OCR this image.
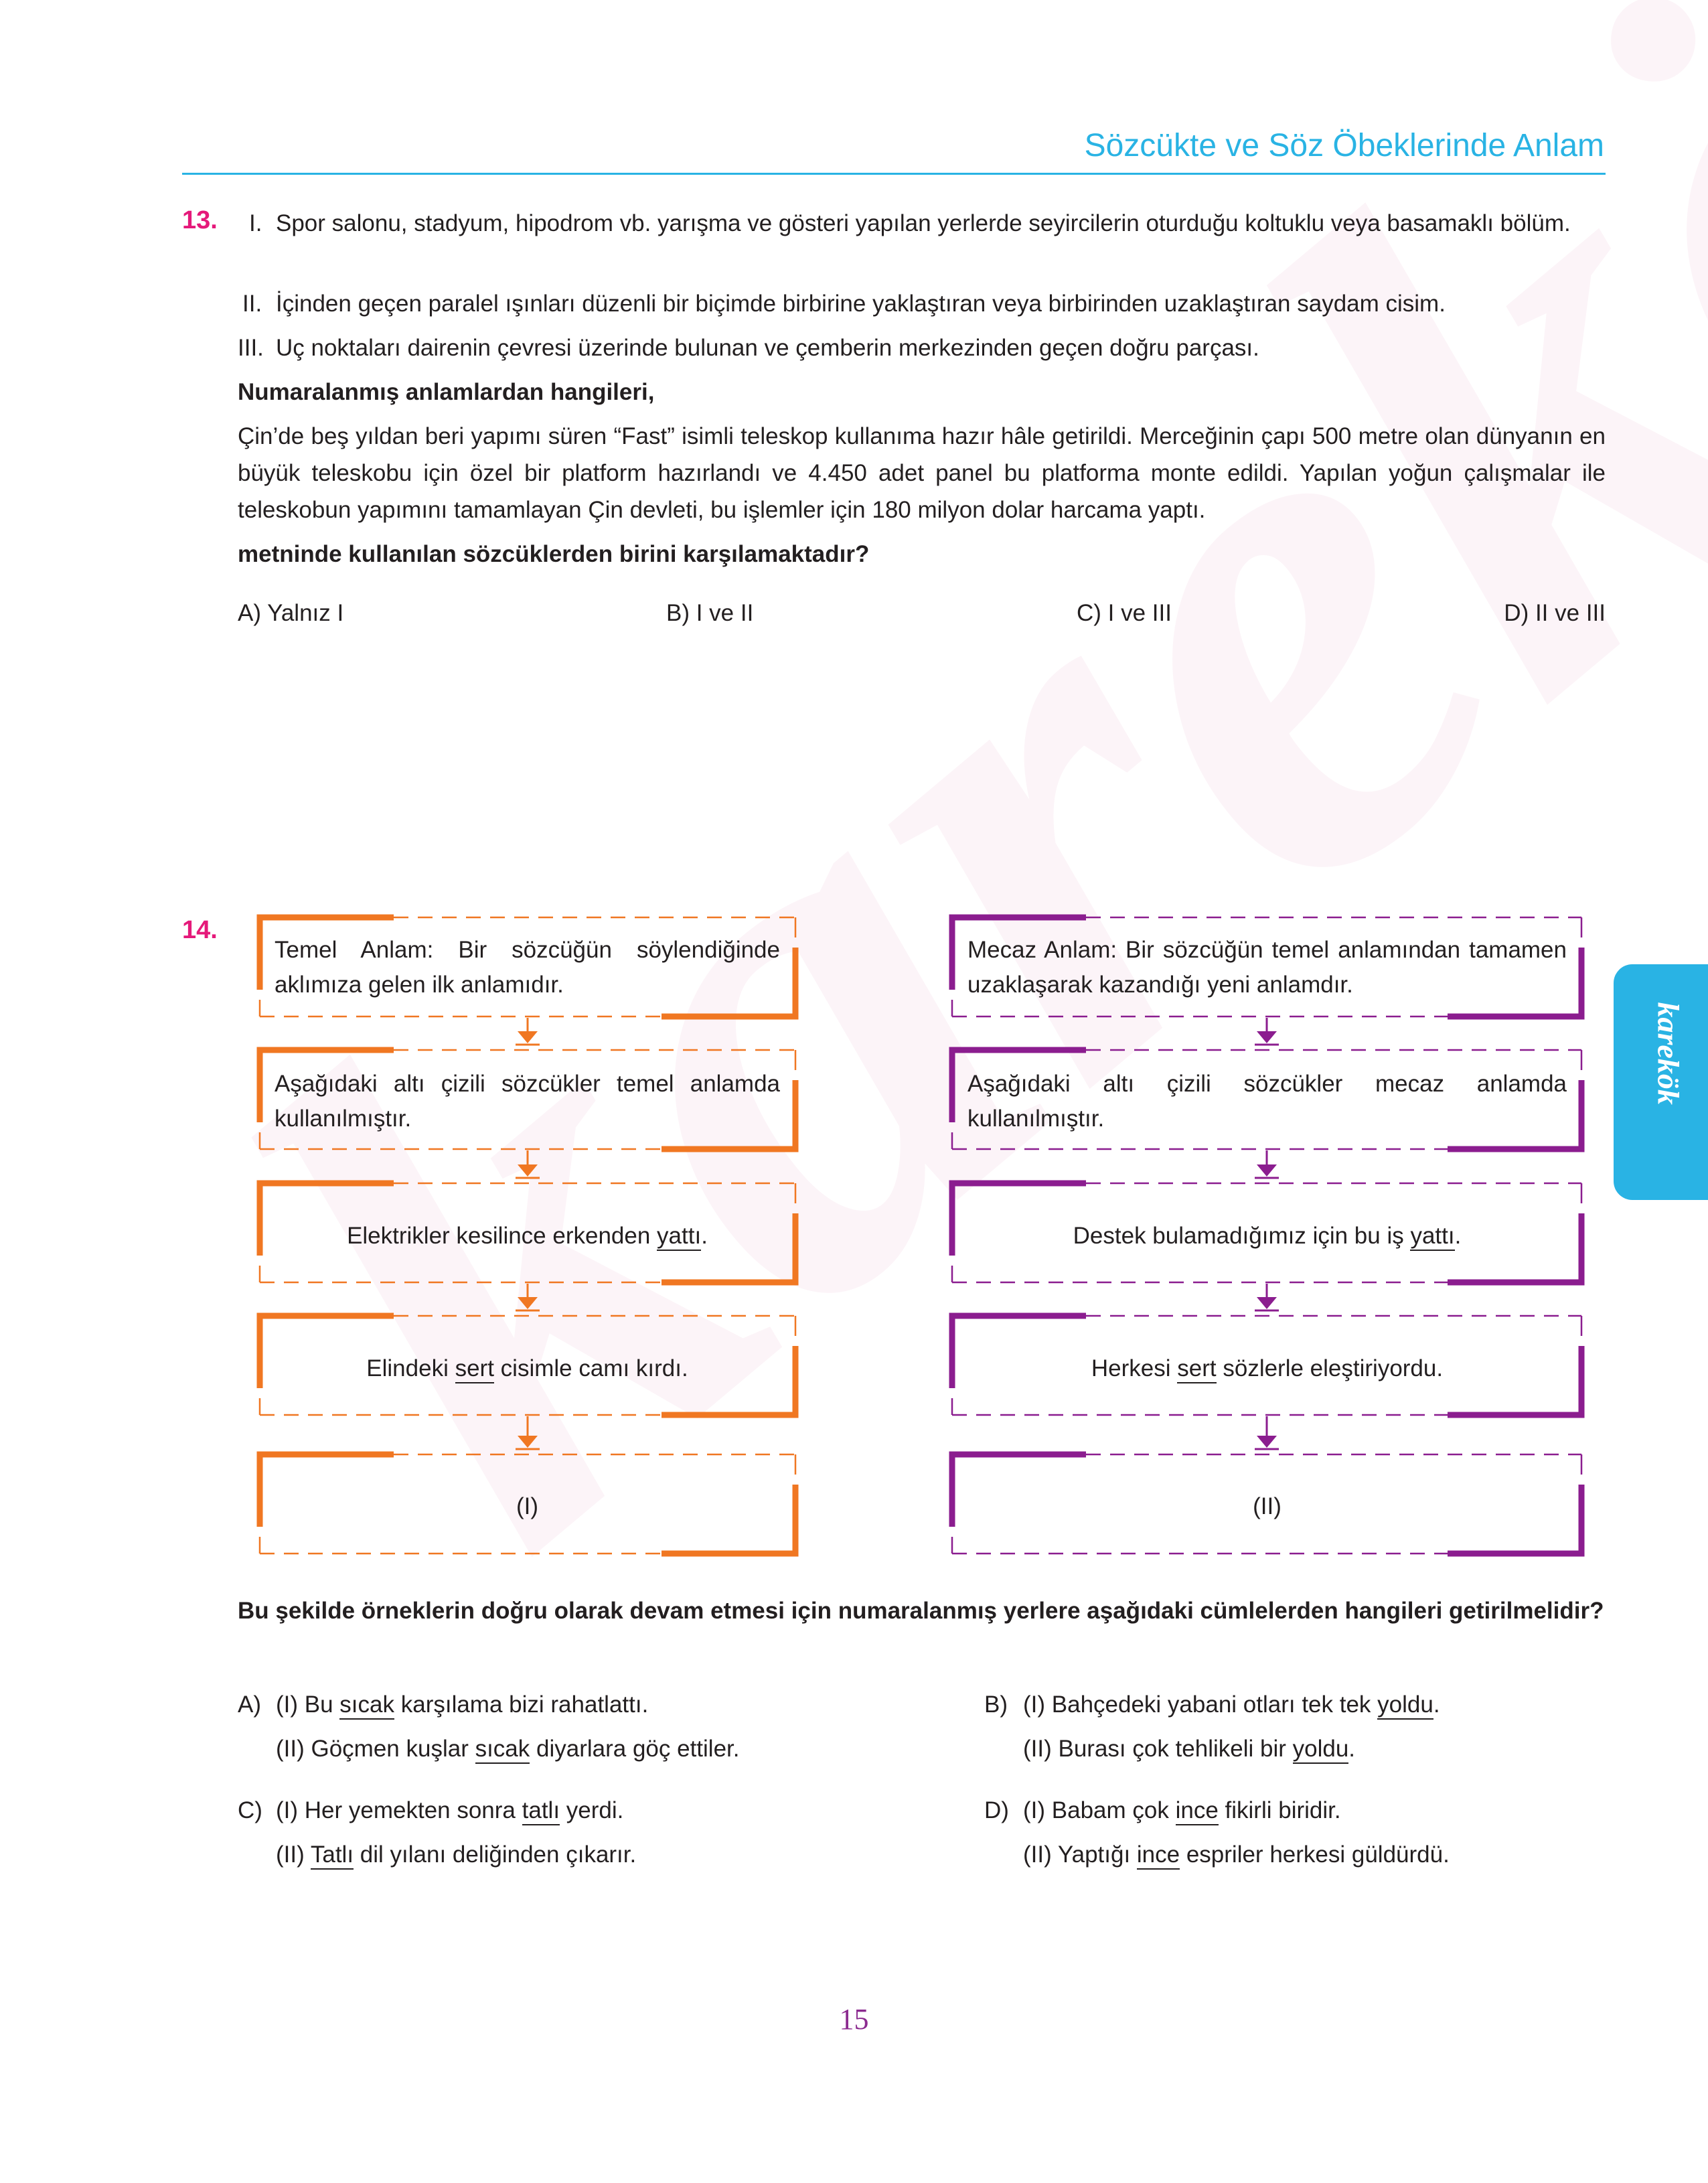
karekök
Sözcükte ve Söz Öbeklerinde Anlam
13. I. Spor salonu, stadyum, hipodrom vb. yarışma ve gösteri yapılan yerlerde seyircilerin oturduğu koltuklu veya basamaklı bölüm.
II. İçinden geçen paralel ışınları düzenli bir biçimde birbirine yaklaştıran veya birbirinden uzaklaştıran saydam cisim.
III. Uç noktaları dairenin çevresi üzerinde bulunan ve çemberin merkezinden geçen doğru parçası.
Numaralanmış anlamlardan hangileri,
Çin’de beş yıldan beri yapımı süren “Fast” isimli teleskop kullanıma hazır hâle getirildi. Merceğinin çapı 500 metre olan dünyanın en büyük teleskobu için özel bir platform hazırlandı ve 4.450 adet panel bu platforma monte edildi. Yapılan yoğun çalışmalar ile teleskobun yapımını tamamlayan Çin devleti, bu işlemler için 180 milyon dolar harcama yaptı.
metninde kullanılan sözcüklerden birini karşılamaktadır?
A) Yalnız I	B) I ve II	C) I ve III	D) II ve III
14.
Temel Anlam: Bir sözcüğün söylendiğinde aklımıza gelen ilk anlamıdır.
Aşağıdaki altı çizili sözcükler temel anlamda kullanılmıştır.
Elektrikler kesilince erkenden yattı.
Elindeki sert cisimle camı kırdı.
(I)
Mecaz Anlam: Bir sözcüğün temel anlamından tamamen uzaklaşarak kazandığı yeni anlamdır.
Aşağıdaki altı çizili sözcükler mecaz anlamda kullanılmıştır.
Destek bulamadığımız için bu iş yattı.
Herkesi sert sözlerle eleştiriyordu.
(II)
Bu şekilde örneklerin doğru olarak devam etmesi için numaralanmış yerlere aşağıdaki cümlelerden hangileri getirilmelidir?
A) (I) Bu sıcak karşılama bizi rahatlattı.
(II) Göçmen kuşlar sıcak diyarlara göç ettiler.
B) (I) Bahçedeki yabani otları tek tek yoldu.
(II) Burası çok tehlikeli bir yoldu.
C) (I) Her yemekten sonra tatlı yerdi.
(II) Tatlı dil yılanı deliğinden çıkarır.
D) (I) Babam çok ince fikirli biridir.
(II) Yaptığı ince espriler herkesi güldürdü.
15
